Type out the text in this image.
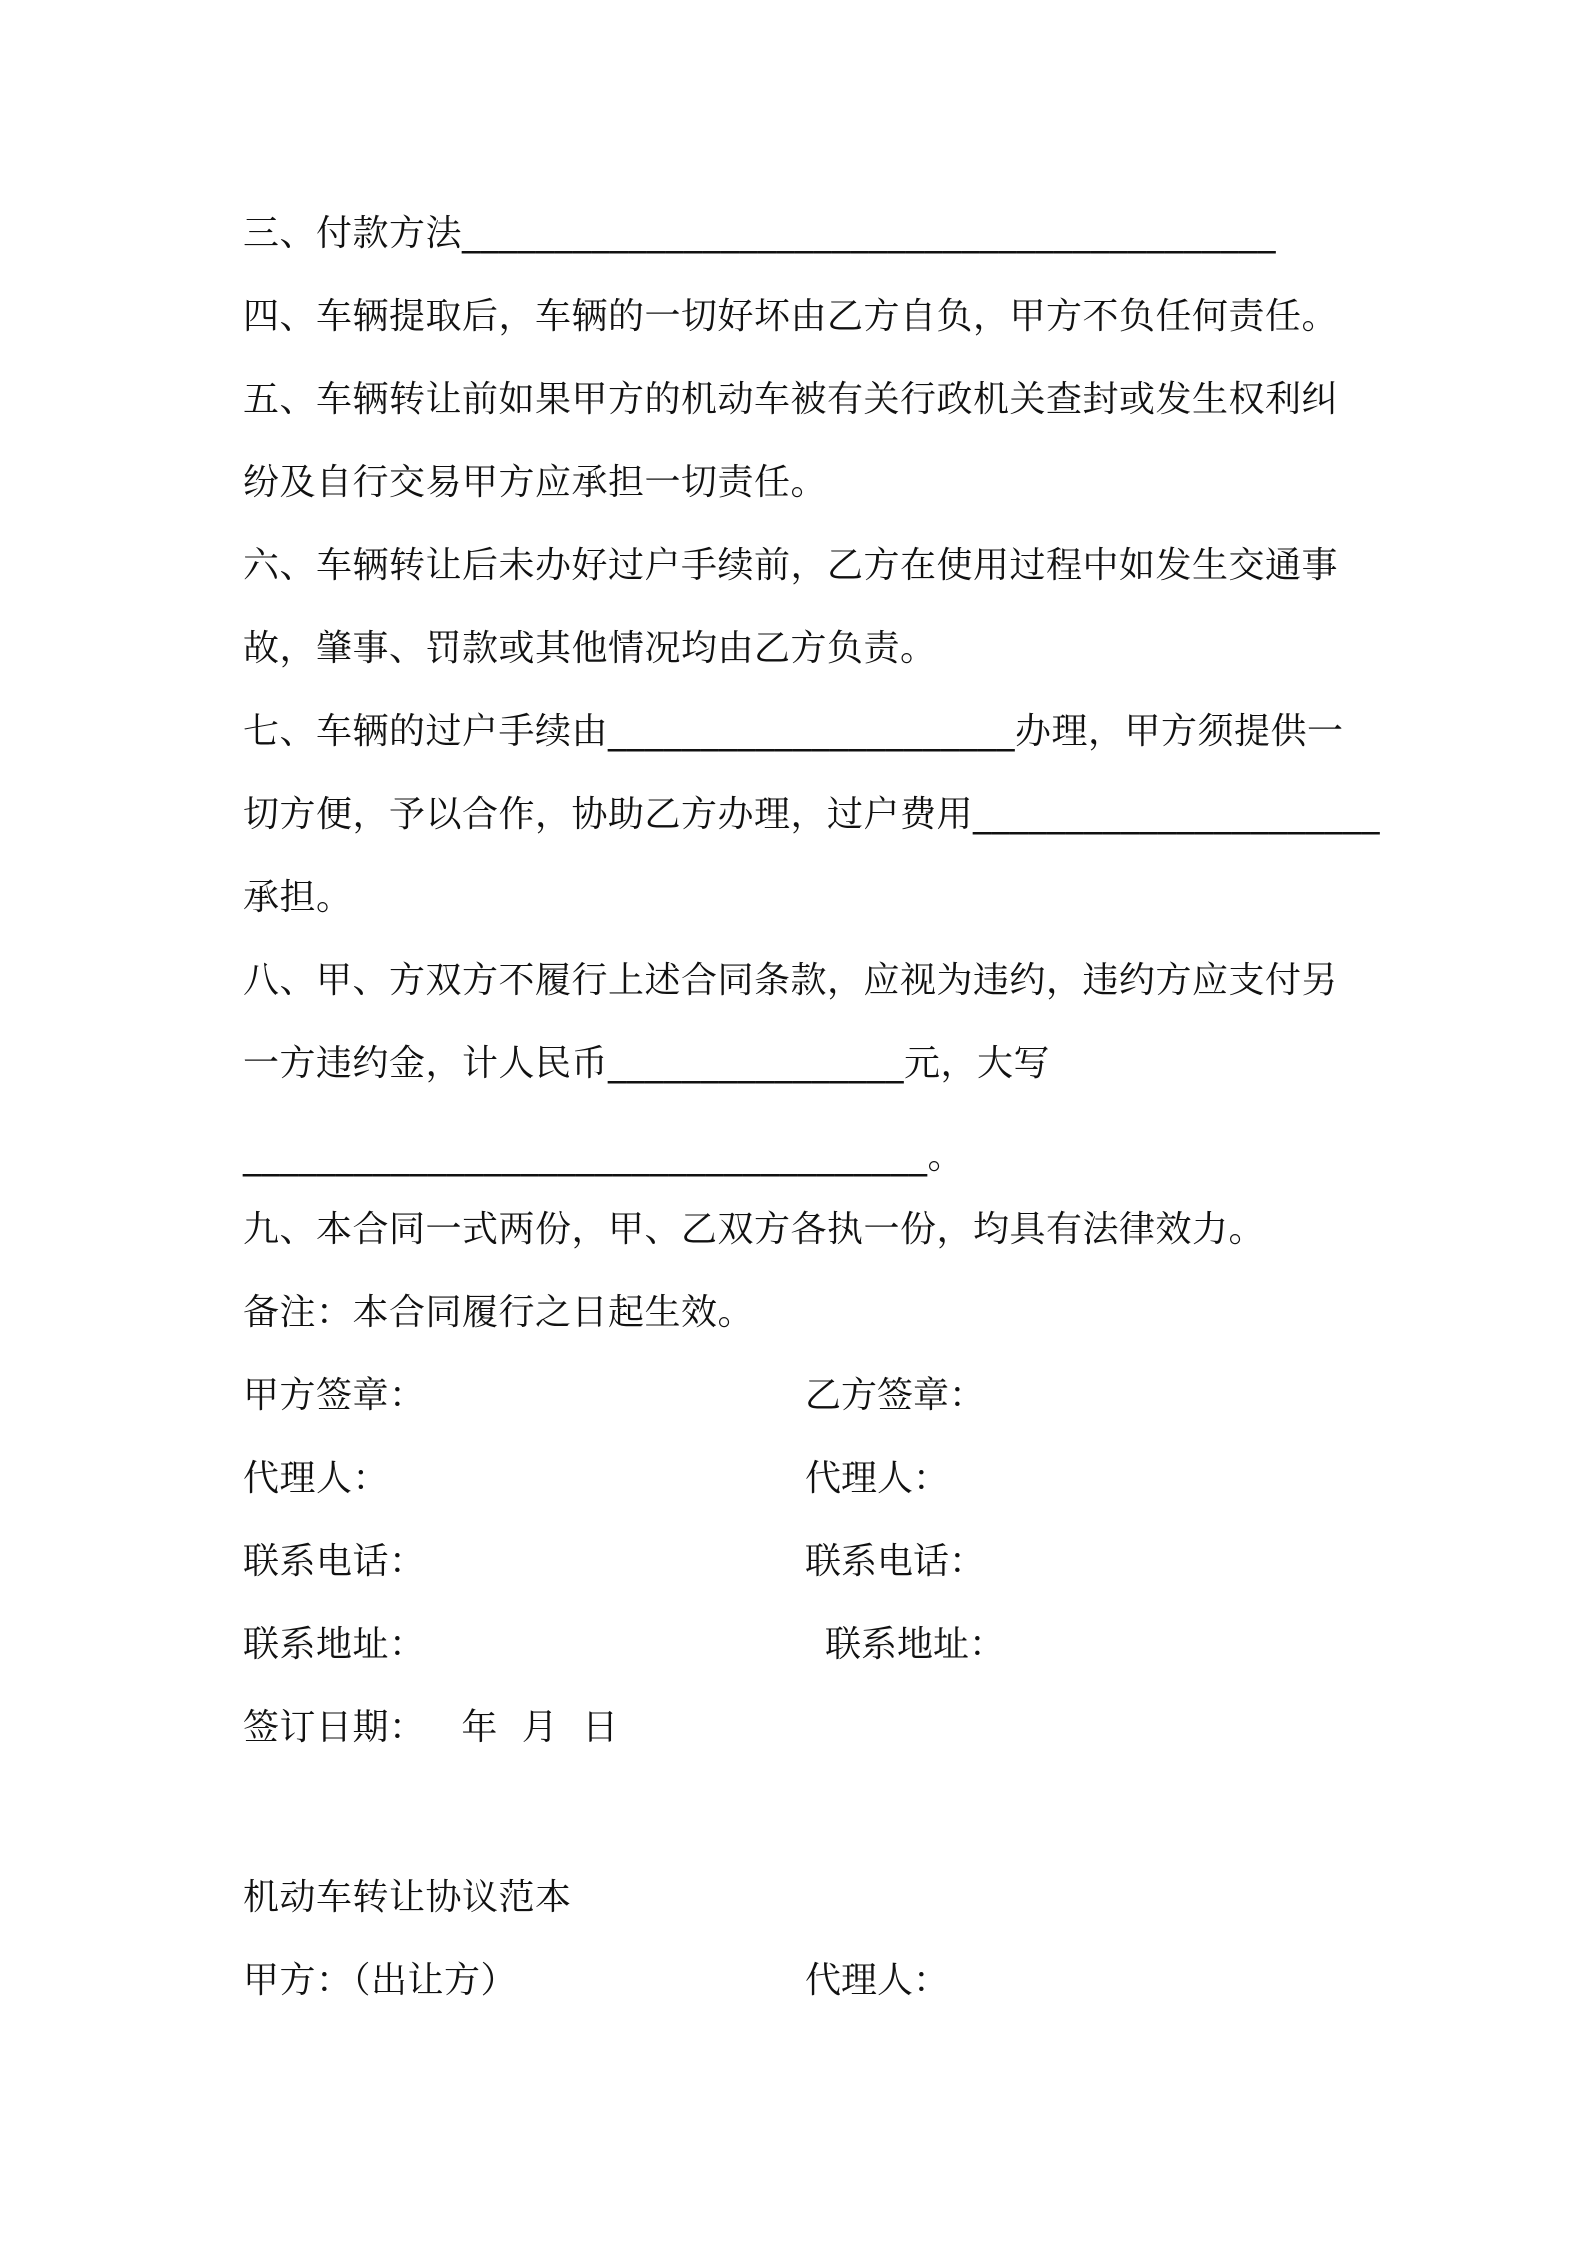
三、付款方法____________________________________________
四、车辆提取后，车辆的一切好坏由乙方自负，甲方不负任何责任。
五、车辆转让前如果甲方的机动车被有关行政机关查封或发生权利纠
纷及自行交易甲方应承担一切责任。
六、车辆转让后未办好过户手续前，乙方在使用过程中如发生交通事
故，肇事、罚款或其他情况均由乙方负责。
七、车辆的过户手续由______________________办理，甲方须提供一
切方便，予以合作，协助乙方办理，过户费用______________________
承担。
八、甲、方双方不履行上述合同条款，应视为违约，违约方应支付另
一方违约金，计人民币________________元，大写
_____________________________________。
九、本合同一式两份，甲、乙双方各执一份，均具有法律效力。
备注：本合同履行之日起生效。
甲方签章：	乙方签章：
代理人：	代理人：
联系电话：	联系电话：
联系地址：	联系地址：
签订日期：   年  月  日
机动车转让协议范本
甲方：（出让方）	代理人：
